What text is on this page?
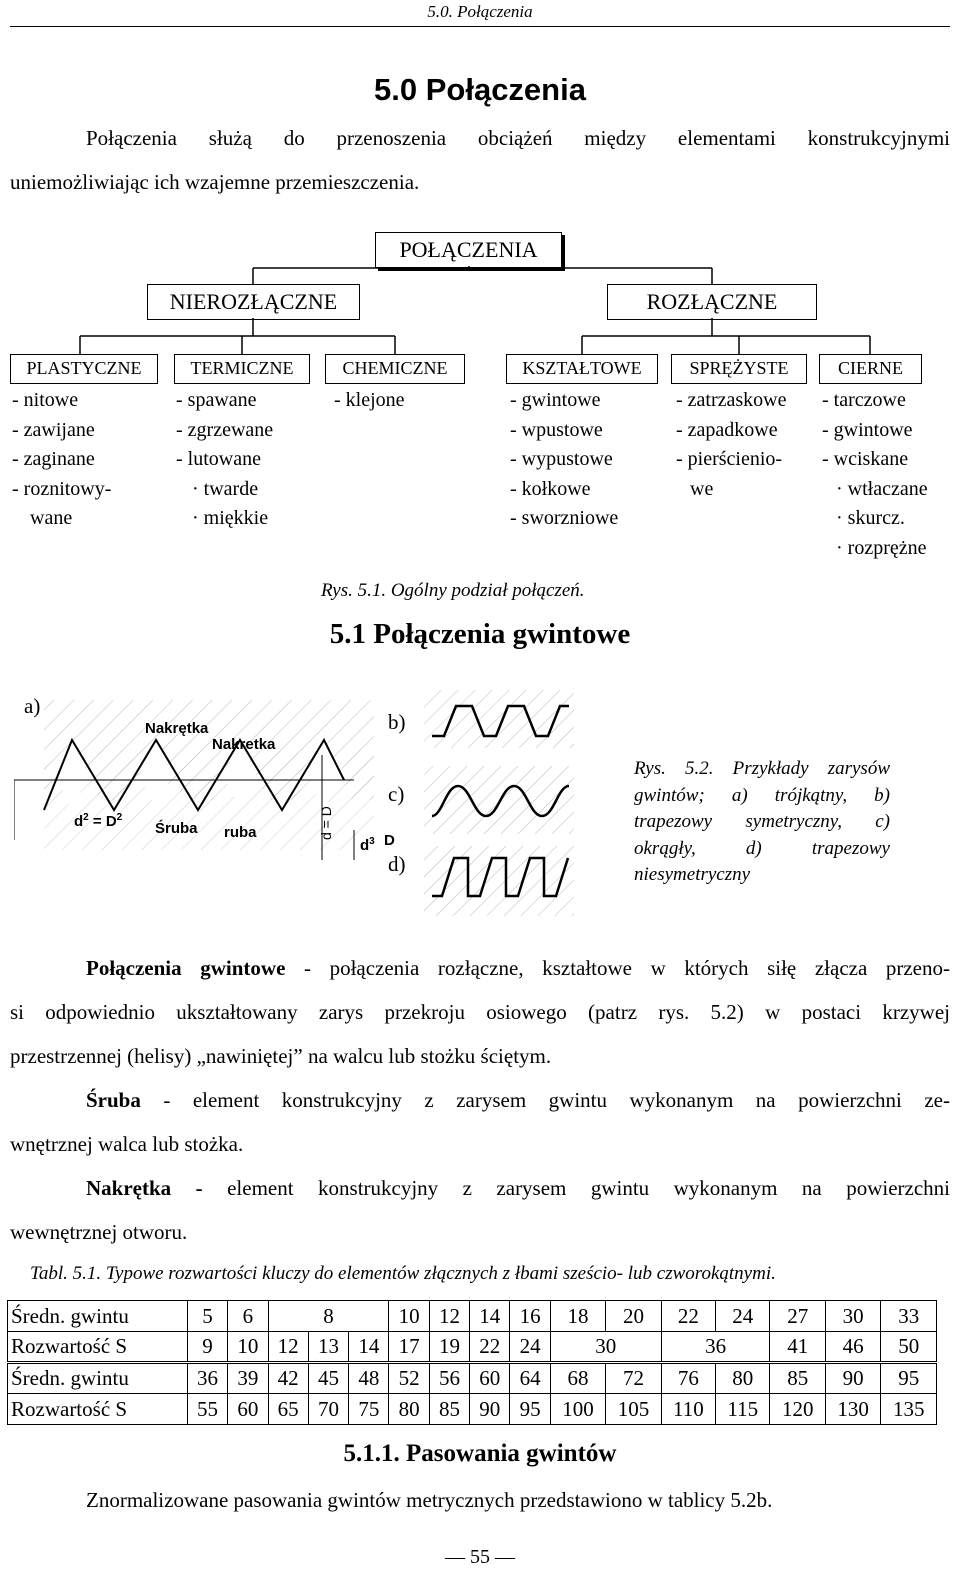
5.0. Połączenia
5.0 Połączenia
Połączenia służą do przenoszenia obciążeń między elementami konstrukcyjnymi
uniemożliwiając ich wzajemne przemieszczenia.
POŁĄCZENIA
NIEROZŁĄCZNE	ROZŁĄCZNE
PLASTYCZNE	TERMICZNE	CHEMICZNE	KSZTAŁTOWE	SPRĘŻYSTE	CIERNE
- nitowe
- zawijane
- zaginane
- roznitowy-
wane
- spawane
- zgrzewane
- lutowane
· twarde
· miękkie
- klejone	- gwintowe
- wpustowe
- wypustowe
- kołkowe
- sworzniowe
- zatrzaskowe
- zapadkowe
- pierścienio-
we
- tarczowe
- gwintowe
- wciskane
· wtłaczane
· skurcz.
· rozprężne
Rys. 5.1. Ogólny podział połączeń.
5.1 Połączenia gwintowe
a)
Nakrętka
Nakretka
$d^2 = D^2$
Śruba ruba	d = D
$d^3$ D
b)
c)
d)
Rys. 5.2. Przykłady zarysów gwintów; a) trójkątny, b) trapezowy symetryczny, c) okrągły, d) trapezowy niesymetryczny
Połączenia gwintowe - połączenia rozłączne, kształtowe w których siłę złącza przeno-
si odpowiednio ukształtowany zarys przekroju osiowego (patrz rys. 5.2) w postaci krzywej
przestrzennej (helisy) „nawiniętej” na walcu lub stożku ściętym.
Śruba - element konstrukcyjny z zarysem gwintu wykonanym na powierzchni ze-
wnętrznej walca lub stożka.
Nakrętka - element konstrukcyjny z zarysem gwintu wykonanym na powierzchni
wewnętrznej otworu.
Tabl. 5.1. Typowe rozwartości kluczy do elementów złącznych z łbami sześcio- lub czworokątnymi.
Średn. gwintu	5	6	8			10	12	14	16	18	20	22	24	27	30	33
Rozwartość S	9	10	12	13	14	17	19	22	24	30		36		41	46	50
Średn. gwintu	36	39	42	45	48	52	56	60	64	68	72	76	80	85	90	95
Rozwartość S	55	60	65	70	75	80	85	90	95	100	105	110	115	120	130	135
5.1.1. Pasowania gwintów
Znormalizowane pasowania gwintów metrycznych przedstawiono w tablicy 5.2b.
— 55 —
